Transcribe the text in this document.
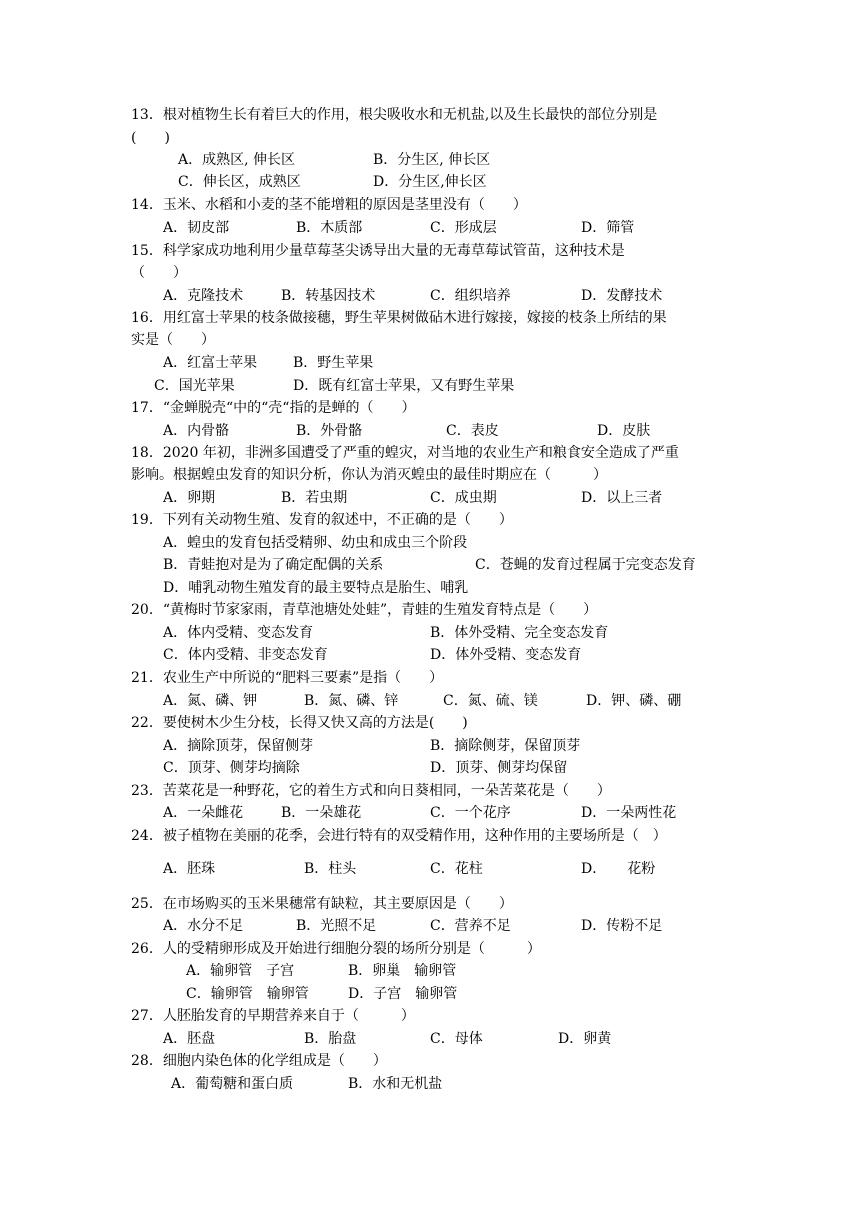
13．根对植物生长有着巨大的作用，根尖吸收水和无机盐,以及生长最快的部位分别是
(　　)
A．成熟区, 伸长区	B．分生区, 伸长区
C．伸长区，成熟区	D．分生区,伸长区
14．玉米、水稻和小麦的茎不能增粗的原因是茎里没有（　　）
A．韧皮部	B．木质部	C．形成层	D．筛管
15．科学家成功地利用少量草莓茎尖诱导出大量的无毒草莓试管苗，这种技术是
（　　）
A．克隆技术	B．转基因技术	C．组织培养	D．发酵技术
16．用红富士苹果的枝条做接穗，野生苹果树做砧木进行嫁接，嫁接的枝条上所结的果
实是（　　）
A．红富士苹果	B．野生苹果
C．国光苹果	D．既有红富士苹果，又有野生苹果
17．“金蝉脱壳“中的“壳“指的是蝉的（　　）
A．内骨骼	B．外骨骼	C．表皮	D．皮肤
18．2020 年初，非洲多国遭受了严重的蝗灾，对当地的农业生产和粮食安全造成了严重
影响。根据蝗虫发育的知识分析，你认为消灭蝗虫的最佳时期应在（　　　）
A．卵期	B．若虫期	C．成虫期	D．以上三者
19．下列有关动物生殖、发育的叙述中，不正确的是（　　）
A．蝗虫的发育包括受精卵、幼虫和成虫三个阶段
B．青蛙抱对是为了确定配偶的关系	C．苍蝇的发育过程属于完变态发育
D．哺乳动物生殖发育的最主要特点是胎生、哺乳
20．“黄梅时节家家雨，青草池塘处处蛙”，青蛙的生殖发育特点是（　　）
A．体内受精、变态发育	B．体外受精、完全变态发育
C．体内受精、非变态发育	D．体外受精、变态发育
21．农业生产中所说的“肥料三要素”是指（　　）
A．氮、磷、钾	B．氮、磷、锌	C．氮、硫、镁	D．钾、磷、硼
22．要使树木少生分枝，长得又快又高的方法是(　　)
A．摘除顶芽，保留侧芽	B．摘除侧芽，保留顶芽
C．顶芽、侧芽均摘除	D．顶芽、侧芽均保留
23．苦菜花是一种野花，它的着生方式和向日葵相同，一朵苦菜花是（　　）
A．一朵雌花	B．一朵雄花	C．一个花序	D．一朵两性花
24．被子植物在美丽的花季，会进行特有的双受精作用，这种作用的主要场所是（　）
A．胚珠	B．柱头	C．花柱	D．　　花粉
25．在市场购买的玉米果穗常有缺粒，其主要原因是（　　）
A．水分不足	B．光照不足	C．营养不足	D．传粉不足
26．人的受精卵形成及开始进行细胞分裂的场所分别是（　　　）
A．输卵管　子宫	B．卵巢　输卵管
C．输卵管　输卵管	D．子宫　输卵管
27．人胚胎发育的早期营养来自于（　　　）
A．胚盘	B．胎盘	C．母体	D．卵黄
28．细胞内染色体的化学组成是（　　）
A．葡萄糖和蛋白质	B．水和无机盐
